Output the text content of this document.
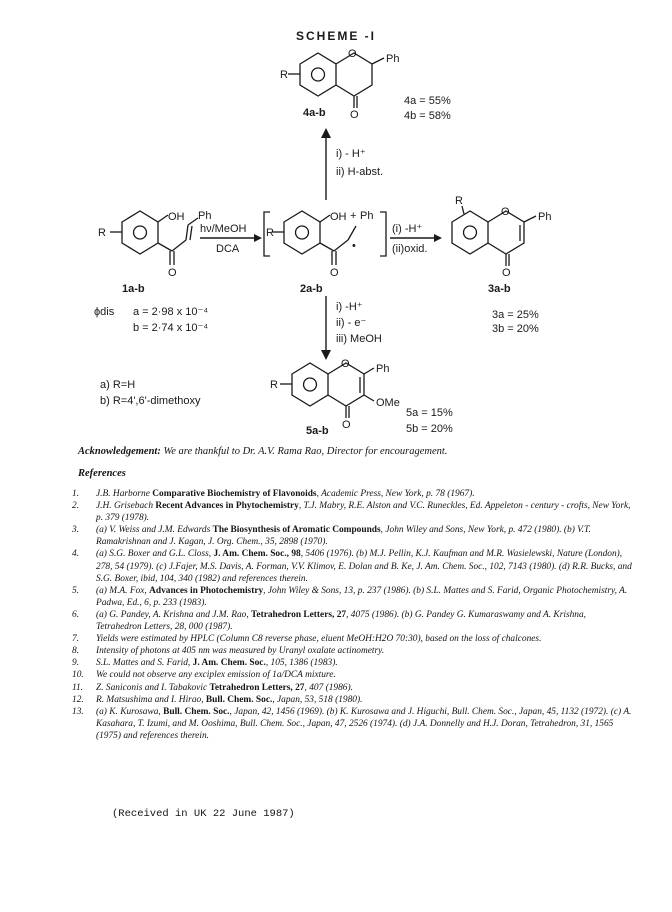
SCHEME -I
O	Ph
R
O
4a-b
4a = 55%
4b = 58%
i) - H⁺
ii) H-abst.
OH Ph
R
O
1a-b
hν/MeOH
DCA
R
OH + Ph
•
O
2a-b
(i) -H⁺
(ii)oxid.
R
O	Ph
O
3a-b
3a = 25%
3b = 20%
ϕdis a = 2·98 x 10⁻⁴
b = 2·74 x 10⁻⁴
i) -H⁺
ii) - e⁻
iii) MeOH
a) R=H
b) R=4',6'-dimethoxy
O Ph
OMe
R
O
5a-b
5a = 15%
5b = 20%
Acknowledgement: We are thankful to Dr. A.V. Rama Rao, Director for encouragement.
References
1.	J.B. Harborne Comparative Biochemistry of Flavonoids, Academic Press, New York, p. 78 (1967).
2.	J.H. Grisebach Recent Advances in Phytochemistry, T.J. Mabry, R.E. Alston and V.C. Runeckles, Ed. Appeleton - century - crofts, New York, p. 379 (1978).
3.	(a) V. Weiss and J.M. Edwards The Biosynthesis of Aromatic Compounds, John Wiley and Sons, New York, p. 472 (1980). (b) V.T. Ramakrishnan and J. Kagan, J. Org. Chem., 35, 2898 (1970).
4.	(a) S.G. Boxer and G.L. Closs, J. Am. Chem. Soc., 98, 5406 (1976). (b) M.J. Pellin, K.J. Kaufman and M.R. Wasielewski, Nature (London), 278, 54 (1979). (c) J.Fajer, M.S. Davis, A. Forman, V.V. Klimov, E. Dolan and B. Ke, J. Am. Chem. Soc., 102, 7143 (1980). (d) R.R. Bucks, and S.G. Boxer, ibid, 104, 340 (1982) and references therein.
5.	(a) M.A. Fox, Advances in Photochemistry, John Wiley & Sons, 13, p. 237 (1986). (b) S.L. Mattes and S. Farid, Organic Photochemistry, A. Padwa, Ed., 6, p. 233 (1983).
6.	(a) G. Pandey, A. Krishna and J.M. Rao, Tetrahedron Letters, 27, 4075 (1986). (b) G. Pandey G. Kumaraswamy and A. Krishna, Tetrahedron Letters, 28, 000 (1987).
7.	Yields were estimated by HPLC (Column C8 reverse phase, eluent MeOH:H2O 70:30), based on the loss of chalcones.
8.	Intensity of photons at 405 nm was measured by Uranyl oxalate actinometry.
9.	S.L. Mattes and S. Farid, J. Am. Chem. Soc., 105, 1386 (1983).
10.	We could not observe any exciplex emission of 1a/DCA mixture.
11.	Z. Saniconis and I. Tabakovic Tetrahedron Letters, 27, 407 (1986).
12.	R. Matsushima and I. Hirao, Bull. Chem. Soc., Japan, 53, 518 (1980).
13.	(a) K. Kurosawa, Bull. Chem. Soc., Japan, 42, 1456 (1969). (b) K. Kurosawa and J. Higuchi, Bull. Chem. Soc., Japan, 45, 1132 (1972). (c) A. Kasahara, T. Izumi, and M. Ooshima, Bull. Chem. Soc., Japan, 47, 2526 (1974). (d) J.A. Donnelly and H.J. Doran, Tetrahedron, 31, 1565 (1975) and references therein.
(Received in UK 22 June 1987)
